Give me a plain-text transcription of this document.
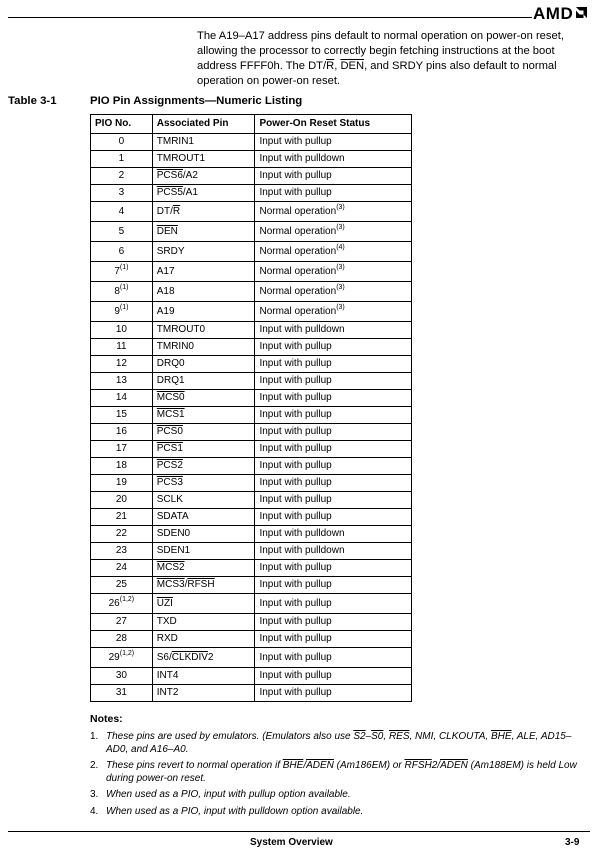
AMD

The A19–A17 address pins default to normal operation on power-on reset, allowing the processor to correctly begin fetching instructions at the boot address FFFF0h. The $DT/\overline{R}$, $\overline{DEN}$, and SRDY pins also default to normal operation on power-on reset.

Table 3-1	PIO Pin Assignments—Numeric Listing
PIO No.	Associated Pin	Power-On Reset Status
0	TMRIN1	Input with pullup
1	TMROUT1	Input with pulldown
2	PCS6/A2	Input with pullup
3	PCS5/A1	Input with pullup
4	$DT/\overline{R}$	Normal operation$^{(3)}$
5	$\overline{DEN}$	Normal operation$^{(3)}$
6	SRDY	Normal operation$^{(4)}$
7$^{(1)}$	A17	Normal operation$^{(3)}$
8$^{(1)}$	A18	Normal operation$^{(3)}$
9$^{(1)}$	A19	Normal operation$^{(3)}$
10	TMROUT0	Input with pulldown
11	TMRIN0	Input with pullup
12	DRQ0	Input with pullup
13	DRQ1	Input with pullup
14	MCS0	Input with pullup
15	MCS1	Input with pullup
16	PCS0	Input with pullup
17	PCS1	Input with pullup
18	PCS2	Input with pullup
19	PCS3	Input with pullup
20	SCLK	Input with pullup
21	SDATA	Input with pullup
22	SDEN0	Input with pulldown
23	SDEN1	Input with pulldown
24	MCS2	Input with pullup
25	MCS3/RFSH	Input with pullup
26$^{(1,2)}$	$\overline{UZI}$	Input with pullup
27	TXD	Input with pullup
28	RXD	Input with pullup
29$^{(1,2)}$	S6/CLKDIV2	Input with pullup
30	INT4	Input with pullup
31	INT2	Input with pullup
Notes:
1. These pins are used by emulators. (Emulators also use S2–S0, $\overline{RES}$, NMI, CLKOUTA, $\overline{BHE}$, ALE, AD15–AD0, and A16–A0.
2. These pins revert to normal operation if $\overline{BHE}$/ADEN (Am186EM) or RFSH2/ADEN (Am188EM) is held Low during power-on reset.
3. When used as a PIO, input with pullup option available.
4. When used as a PIO, input with pulldown option available.
System Overview	3-9
